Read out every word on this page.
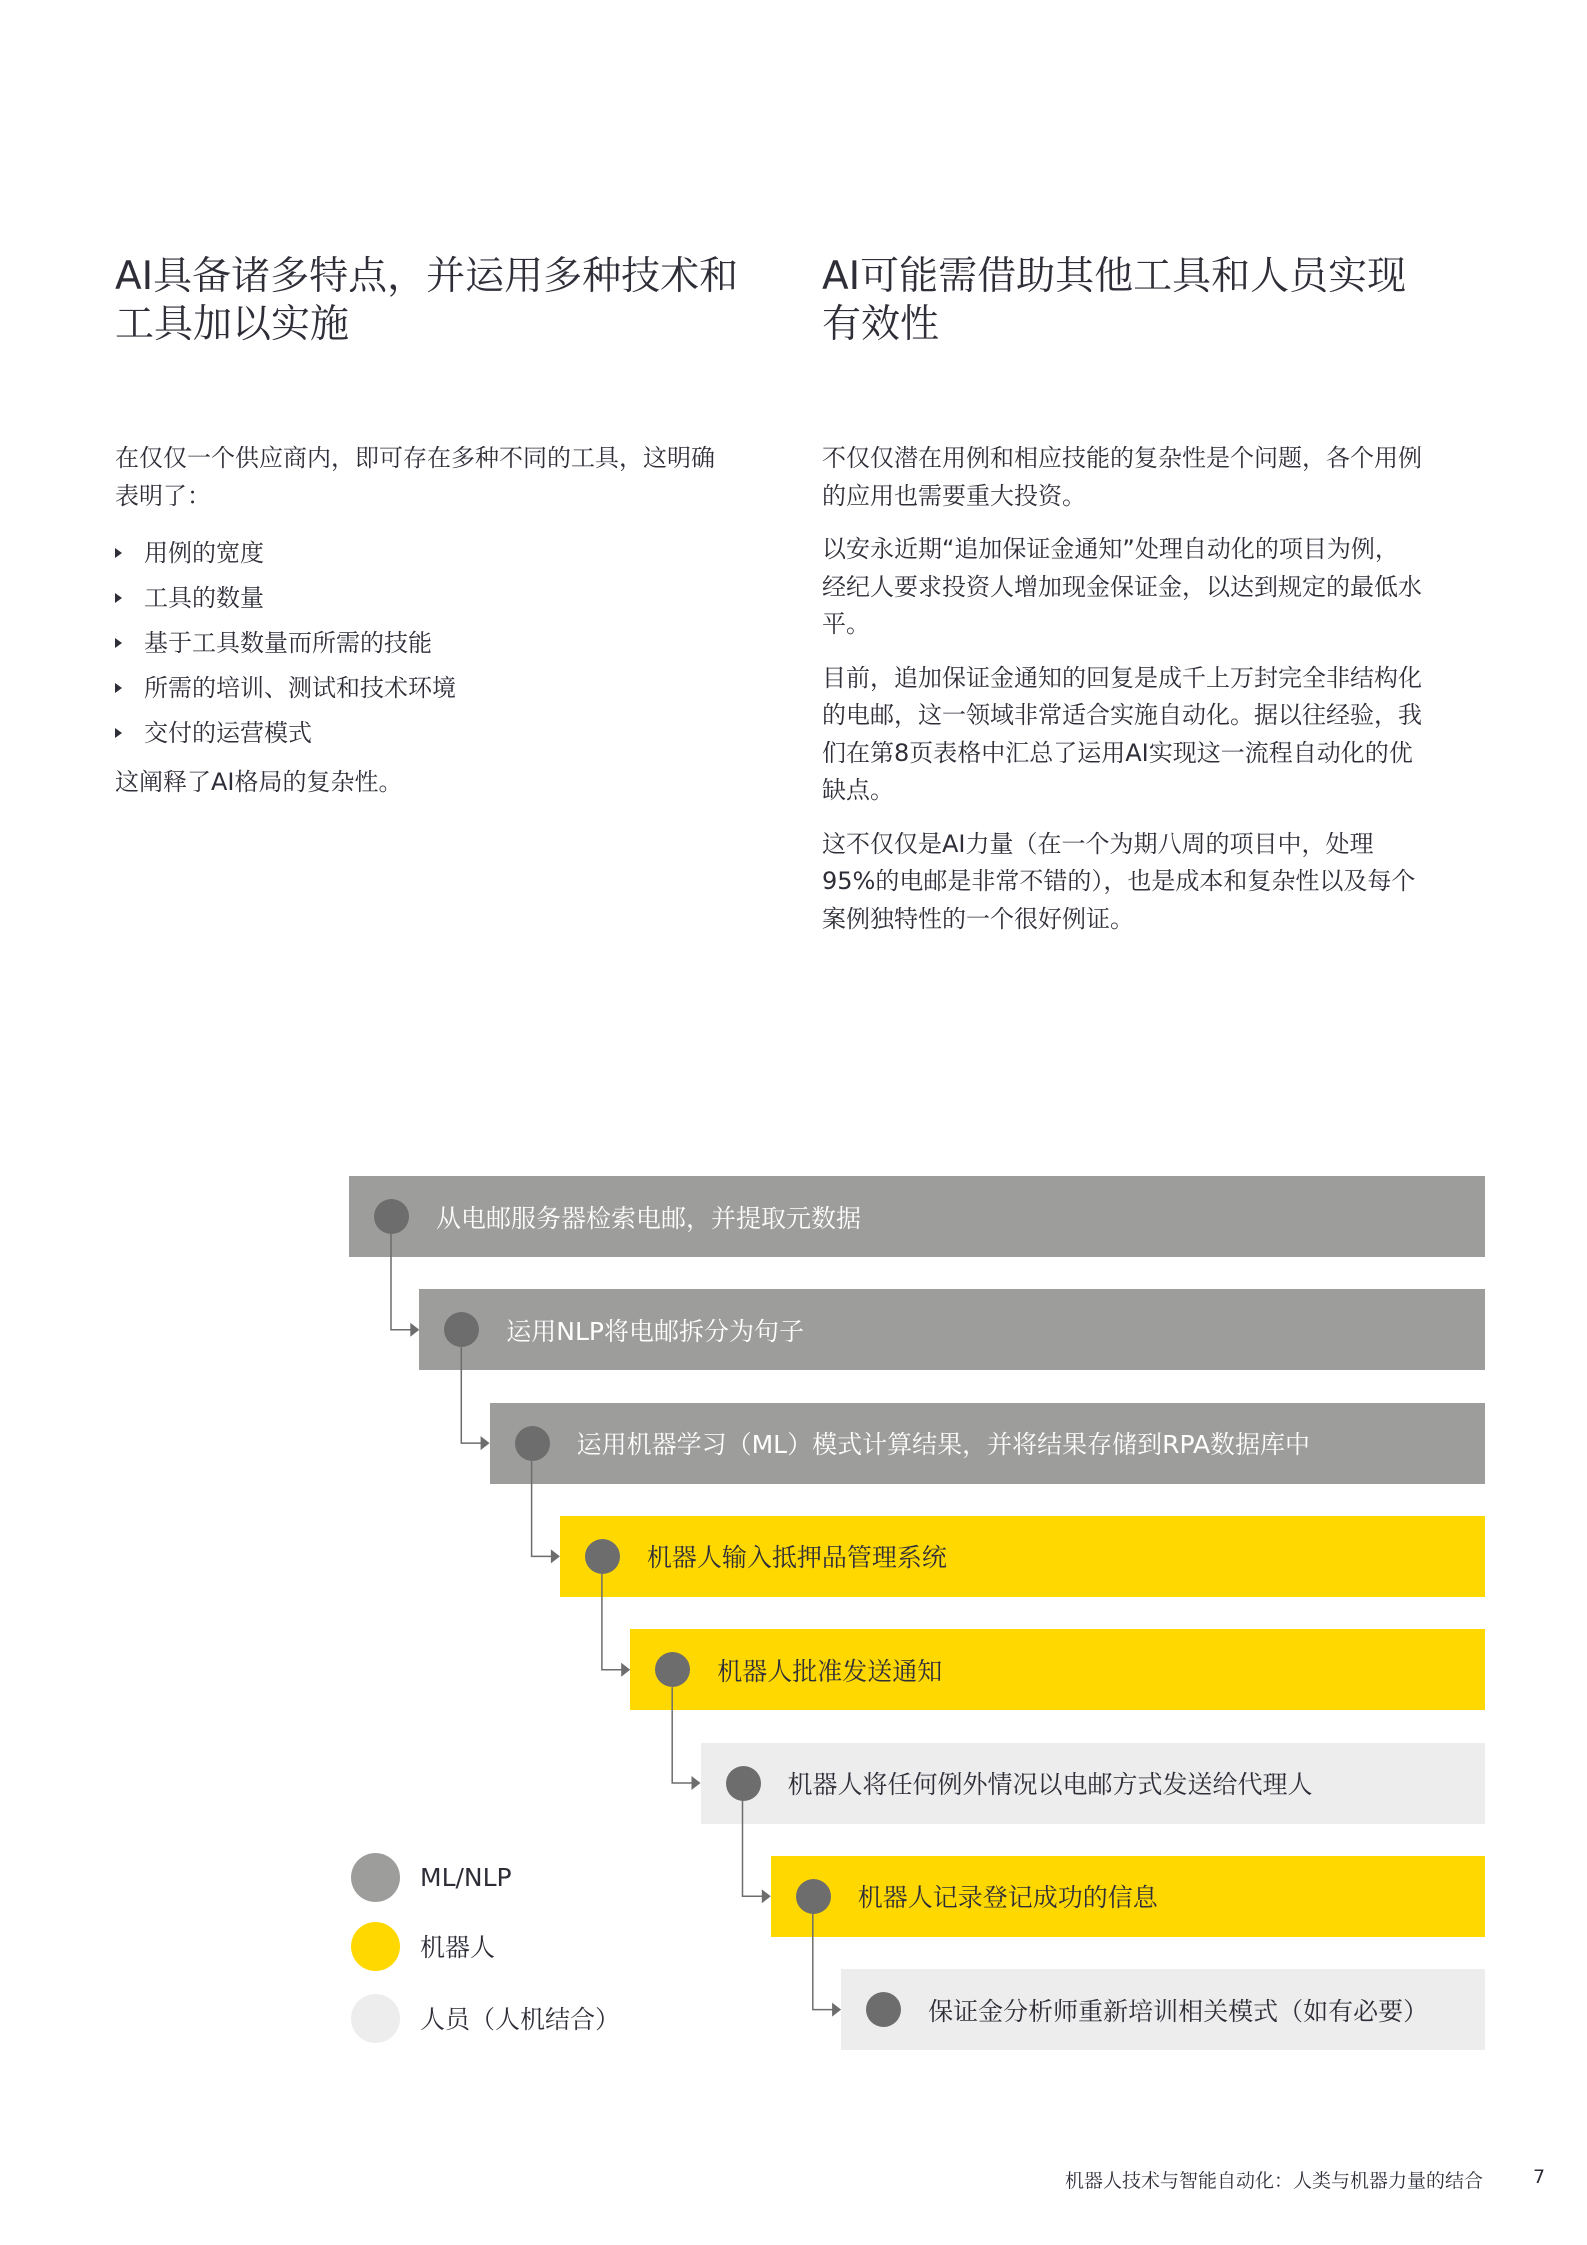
AI具备诸多特点，并运用多种技术和工具加以实施

在仅仅一个供应商内，即可存在多种不同的工具，这明确表明了：

用例的宽度
工具的数量
基于工具数量而所需的技能
所需的培训、测试和技术环境
交付的运营模式

这阐释了AI格局的复杂性。

AI可能需借助其他工具和人员实现有效性

不仅仅潜在用例和相应技能的复杂性是个问题，各个用例的应用也需要重大投资。

以安永近期“追加保证金通知”处理自动化的项目为例，经纪人要求投资人增加现金保证金，以达到规定的最低水平。

目前，追加保证金通知的回复是成千上万封完全非结构化的电邮，这一领域非常适合实施自动化。据以往经验，我们在第8页表格中汇总了运用AI实现这一流程自动化的优缺点。

这不仅仅是AI力量（在一个为期八周的项目中，处理95%的电邮是非常不错的），也是成本和复杂性以及每个案例独特性的一个很好例证。

从电邮服务器检索电邮，并提取元数据
运用NLP将电邮拆分为句子
运用机器学习（ML）模式计算结果，并将结果存储到RPA数据库中
机器人输入抵押品管理系统
机器人批准发送通知
机器人将任何例外情况以电邮方式发送给代理人
机器人记录登记成功的信息
保证金分析师重新培训相关模式（如有必要）
ML/NLP
机器人
人员（人机结合）
机器人技术与智能自动化：人类与机器力量的结合	7
